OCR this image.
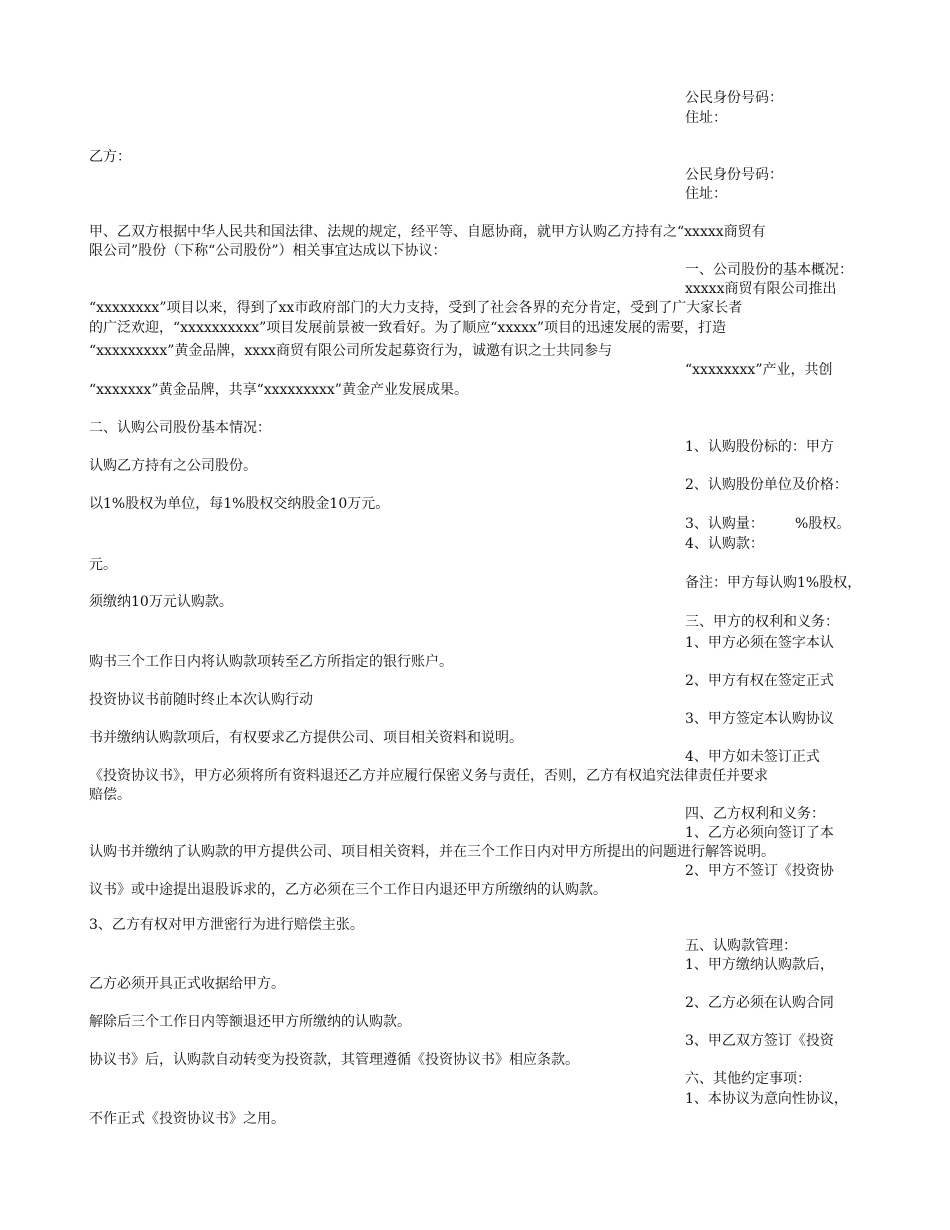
公民身份号码：
住址：
乙方：
公民身份号码：
住址：
甲、乙双方根据中华人民共和国法律、法规的规定，经平等、自愿协商，就甲方认购乙方持有之“xxxxx商贸有
限公司”股份（下称“公司股份”）相关事宜达成以下协议：
一、公司股份的基本概况：
xxxxx商贸有限公司推出
“xxxxxxxx”项目以来，得到了xx市政府部门的大力支持，受到了社会各界的充分肯定，受到了广大家长者
的广泛欢迎，“xxxxxxxxxx”项目发展前景被一致看好。为了顺应“xxxxx”项目的迅速发展的需要，打造
“xxxxxxxxx”黄金品牌，xxxx商贸有限公司所发起募资行为，诚邀有识之士共同参与
“xxxxxxxx”产业，共创
“xxxxxxx”黄金品牌，共享“xxxxxxxxx”黄金产业发展成果。
二、认购公司股份基本情况：
1、认购股份标的：甲方
认购乙方持有之公司股份。
2、认购股份单位及价格：
以1%股权为单位，每1%股权交纳股金10万元。
3、认购量：       %股权。
4、认购款：
元。
备注：甲方每认购1%股权，
须缴纳10万元认购款。
三、甲方的权利和义务：
1、甲方必须在签字本认
购书三个工作日内将认购款项转至乙方所指定的银行账户。
2、甲方有权在签定正式
投资协议书前随时终止本次认购行动
3、甲方签定本认购协议
书并缴纳认购款项后，有权要求乙方提供公司、项目相关资料和说明。
4、甲方如未签订正式
《投资协议书》，甲方必须将所有资料退还乙方并应履行保密义务与责任，否则，乙方有权追究法律责任并要求
赔偿。
四、乙方权利和义务：
1、乙方必须向签订了本
认购书并缴纳了认购款的甲方提供公司、项目相关资料，并在三个工作日内对甲方所提出的问题进行解答说明。
2、甲方不签订《投资协
议书》或中途提出退股诉求的，乙方必须在三个工作日内退还甲方所缴纳的认购款。
3、乙方有权对甲方泄密行为进行赔偿主张。
五、认购款管理：
1、甲方缴纳认购款后，
乙方必须开具正式收据给甲方。
2、乙方必须在认购合同
解除后三个工作日内等额退还甲方所缴纳的认购款。
3、甲乙双方签订《投资
协议书》后，认购款自动转变为投资款，其管理遵循《投资协议书》相应条款。
六、其他约定事项：
1、本协议为意向性协议，
不作正式《投资协议书》之用。
